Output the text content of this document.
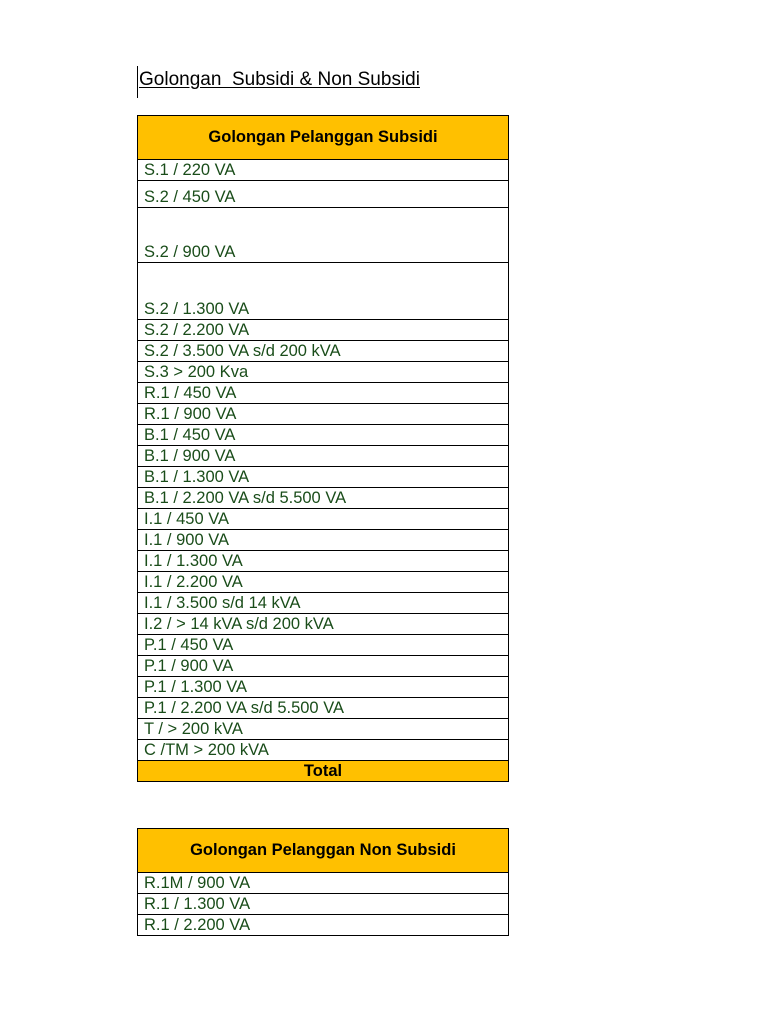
Golongan  Subsidi & Non Subsidi
Golongan Pelanggan Subsidi
S.1 / 220 VA
S.2 / 450 VA
S.2 / 900 VA
S.2 / 1.300 VA
S.2 / 2.200 VA
S.2 / 3.500 VA s/d 200 kVA
S.3 > 200 Kva
R.1 / 450 VA
R.1 / 900 VA
B.1 / 450 VA
B.1 / 900 VA
B.1 / 1.300 VA
B.1 / 2.200 VA s/d 5.500 VA
I.1 / 450 VA
I.1 / 900 VA
I.1 / 1.300 VA
I.1 / 2.200 VA
I.1 / 3.500 s/d 14 kVA
I.2 / > 14 kVA s/d 200 kVA
P.1 / 450 VA
P.1 / 900 VA
P.1 / 1.300 VA
P.1 / 2.200 VA s/d 5.500 VA
T / > 200 kVA
C /TM > 200 kVA
Total
Golongan Pelanggan Non Subsidi
R.1M / 900 VA
R.1 / 1.300 VA
R.1 / 2.200 VA
